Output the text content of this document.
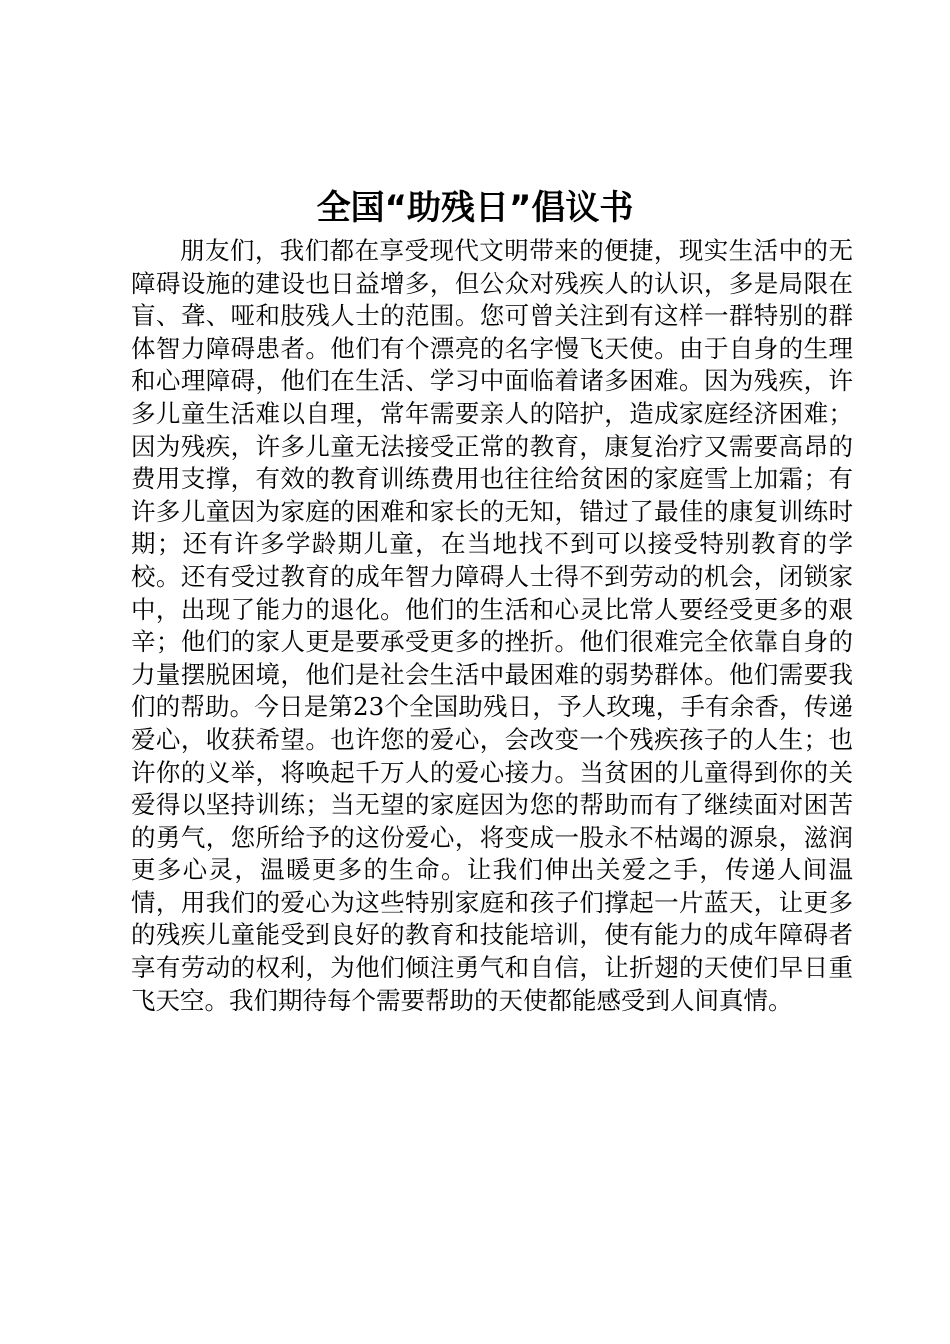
全国“助残日”倡议书

朋友们，我们都在享受现代文明带来的便捷，现实生活中的无障碍设施的建设也日益增多，但公众对残疾人的认识，多是局限在盲、聋、哑和肢残人士的范围。您可曾关注到有这样一群特别的群体智力障碍患者。他们有个漂亮的名字慢飞天使。由于自身的生理和心理障碍，他们在生活、学习中面临着诸多困难。因为残疾，许多儿童生活难以自理，常年需要亲人的陪护，造成家庭经济困难；因为残疾，许多儿童无法接受正常的教育，康复治疗又需要高昂的费用支撑，有效的教育训练费用也往往给贫困的家庭雪上加霜；有许多儿童因为家庭的困难和家长的无知，错过了最佳的康复训练时期；还有许多学龄期儿童，在当地找不到可以接受特别教育的学校。还有受过教育的成年智力障碍人士得不到劳动的机会，闭锁家中，出现了能力的退化。他们的生活和心灵比常人要经受更多的艰辛；他们的家人更是要承受更多的挫折。他们很难完全依靠自身的力量摆脱困境，他们是社会生活中最困难的弱势群体。他们需要我们的帮助。今日是第23个全国助残日，予人玫瑰，手有余香，传递爱心，收获希望。也许您的爱心，会改变一个残疾孩子的人生；也许你的义举，将唤起千万人的爱心接力。当贫困的儿童得到你的关爱得以坚持训练；当无望的家庭因为您的帮助而有了继续面对困苦的勇气，您所给予的这份爱心，将变成一股永不枯竭的源泉，滋润更多心灵，温暖更多的生命。让我们伸出关爱之手，传递人间温情，用我们的爱心为这些特别家庭和孩子们撑起一片蓝天，让更多的残疾儿童能受到良好的教育和技能培训，使有能力的成年障碍者享有劳动的权利，为他们倾注勇气和自信，让折翅的天使们早日重飞天空。我们期待每个需要帮助的天使都能感受到人间真情。
